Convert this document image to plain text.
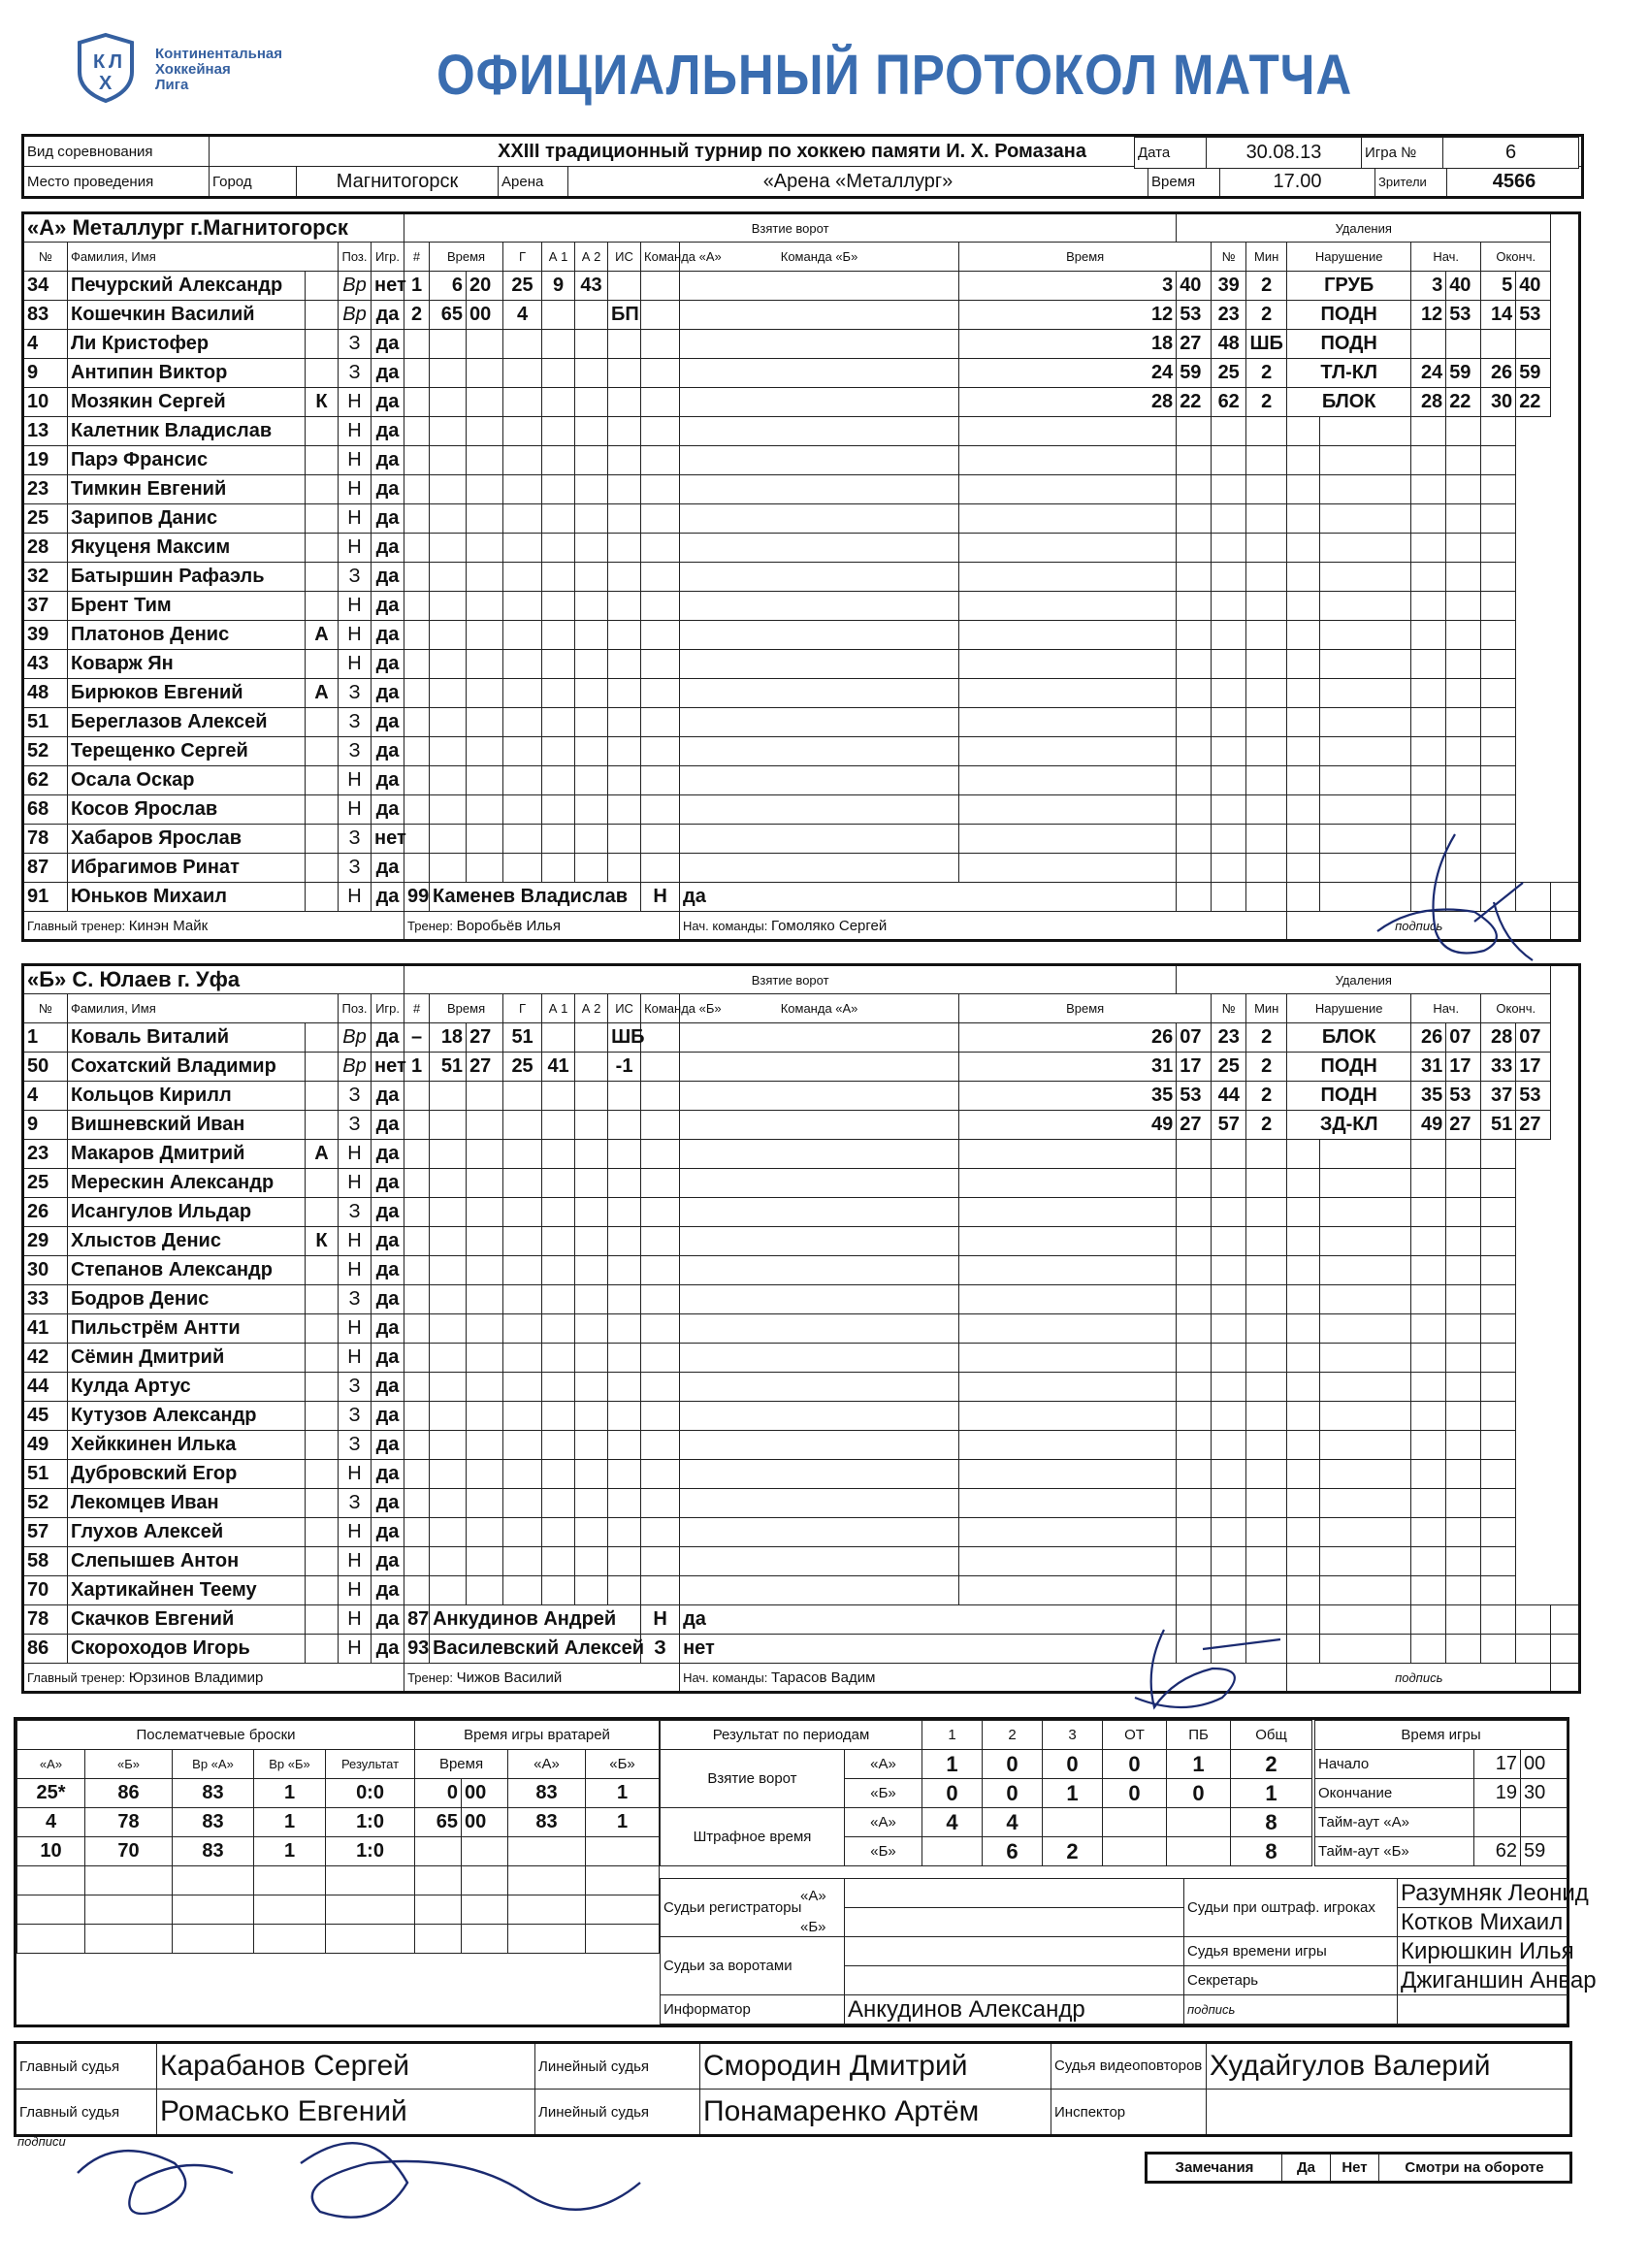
К Л
Х
Континентальная
Хоккейная
Лига	ОФИЦИАЛЬНЫЙ ПРОТОКОЛ МАТЧА
Вид соревнования	XXIII традиционный турнир по хоккею памяти И. Х. Ромазана						
Место проведения	Город	Магнитогорск	Арена	«Арена «Металлург»	Время	17.00	Зрители	4566
Дата	30.08.13	Игра №	6
«А» Металлург г.Магнитогорск					Взятие ворот										Удаления									
№	Фамилия, Имя		Поз.	Игр.	#	Время		Г	А 1	А 2	ИС	Команда «А»	Команда «Б»	Время		№	Мин	Нарушение		Нач.		Оконч.		
34	Печурский Александр		Вр	нет	1	6	20	25	9	43				3	40	39	2	ГРУБ		3	40	5	40	
83	Кошечкин Василий		Вр	да	2	65	00	4			БП			12	53	23	2	ПОДН		12	53	14	53	
4	Ли Кристофер		З	да										18	27	48	ШБ	ПОДН						
9	Антипин Виктор		З	да										24	59	25	2	ТЛ-КЛ		24	59	26	59	
10	Мозякин Сергей	К	Н	да										28	22	62	2	БЛОК		28	22	30	22	
13	Калетник Владислав		Н	да																				
19	Парэ Франсис		Н	да																				
23	Тимкин Евгений		Н	да																				
25	Зарипов Данис		Н	да																				
28	Якуценя Максим		Н	да																				
32	Батыршин Рафаэль		З	да																				
37	Брент Тим		Н	да																				
39	Платонов Денис	А	Н	да																				
43	Коварж Ян		Н	да																				
48	Бирюков Евгений	А	З	да																				
51	Береглазов Алексей		З	да																				
52	Терещенко Сергей		З	да																				
62	Осала Оскар		Н	да																				
68	Косов Ярослав		Н	да																				
78	Хабаров Ярослав		З	нет																				
87	Ибрагимов Ринат		З	да																				
91	Юньков Михаил		Н	да	99	Каменев Владислав						Н	да											
Главный тренер: Кинэн Майк					Тренер: Воробьёв Илья								Нач. команды: Гомоляко Сергей					подпись						
«Б» С. Юлаев г. Уфа					Взятие ворот										Удаления									
№	Фамилия, Имя		Поз.	Игр.	#	Время		Г	А 1	А 2	ИС	Команда «Б»	Команда «А»	Время		№	Мин	Нарушение		Нач.		Оконч.		
1	Коваль Виталий		Вр	да	–	18	27	51			ШБ			26	07	23	2	БЛОК		26	07	28	07	
50	Сохатский Владимир		Вр	нет	1	51	27	25	41		-1			31	17	25	2	ПОДН		31	17	33	17	
4	Кольцов Кирилл		З	да										35	53	44	2	ПОДН		35	53	37	53	
9	Вишневский Иван		З	да										49	27	57	2	ЗД-КЛ		49	27	51	27	
23	Макаров Дмитрий	А	Н	да																				
25	Мерескин Александр		Н	да																				
26	Исангулов Ильдар		З	да																				
29	Хлыстов Денис	К	Н	да																				
30	Степанов Александр		Н	да																				
33	Бодров Денис		З	да																				
41	Пильстрём Антти		Н	да																				
42	Сёмин Дмитрий		Н	да																				
44	Кулда Артус		З	да																				
45	Кутузов Александр		З	да																				
49	Хейккинен Илька		З	да																				
51	Дубровский Егор		Н	да																				
52	Лекомцев Иван		З	да																				
57	Глухов Алексей		Н	да																				
58	Слепышев Антон		Н	да																				
70	Хартикайнен Теему		Н	да																				
78	Скачков Евгений		Н	да	87	Анкудинов Андрей						Н	да											
86	Скороходов Игорь		Н	да	93	Василевский Алексей						З	нет											
Главный тренер: Юрзинов Владимир					Тренер: Чижов Василий								Нач. команды: Тарасов Вадим					подпись						
Послематчевые броски				
«А»	«Б»	Вр «А»	Вр «Б»	Результат
25*	86	83	1	0:0
4	78	83	1	1:0
10	70	83	1	1:0

Время игры вратарей			
Время		«А»	«Б»
0	00	83	1
65	00	83	1

Результат по периодам		1	2	3	ОТ	ПБ	Общ
Взятие ворот	«А»	1	0	0	0	1	2
	«Б»	0	0	1	0	0	1
Штрафное время	«А»	4	4				8
	«Б»		6	2			8
Время игры		
Начало	17	00
Окончание	19	30
Тайм-аут «А»		
Тайм-аут «Б»	62	59
Судьи регистраторы		Судьи при оштраф. игроках	Разумняк Леонид
			Котков Михаил
Судьи за воротами		Судья времени игры	Кирюшкин Илья
		Секретарь	Джиганшин Анвар
Информатор	Анкудинов Александр	подпись	
«А»
«Б»
Главный судья	Карабанов Сергей	Линейный судья	Смородин Дмитрий	Судья видеоповторов	Худайгулов Валерий
Главный судья	Ромасько Евгений	Линейный судья	Понамаренко Артём	Инспектор	
подписи
Замечания	Да	Нет	Смотри на обороте
